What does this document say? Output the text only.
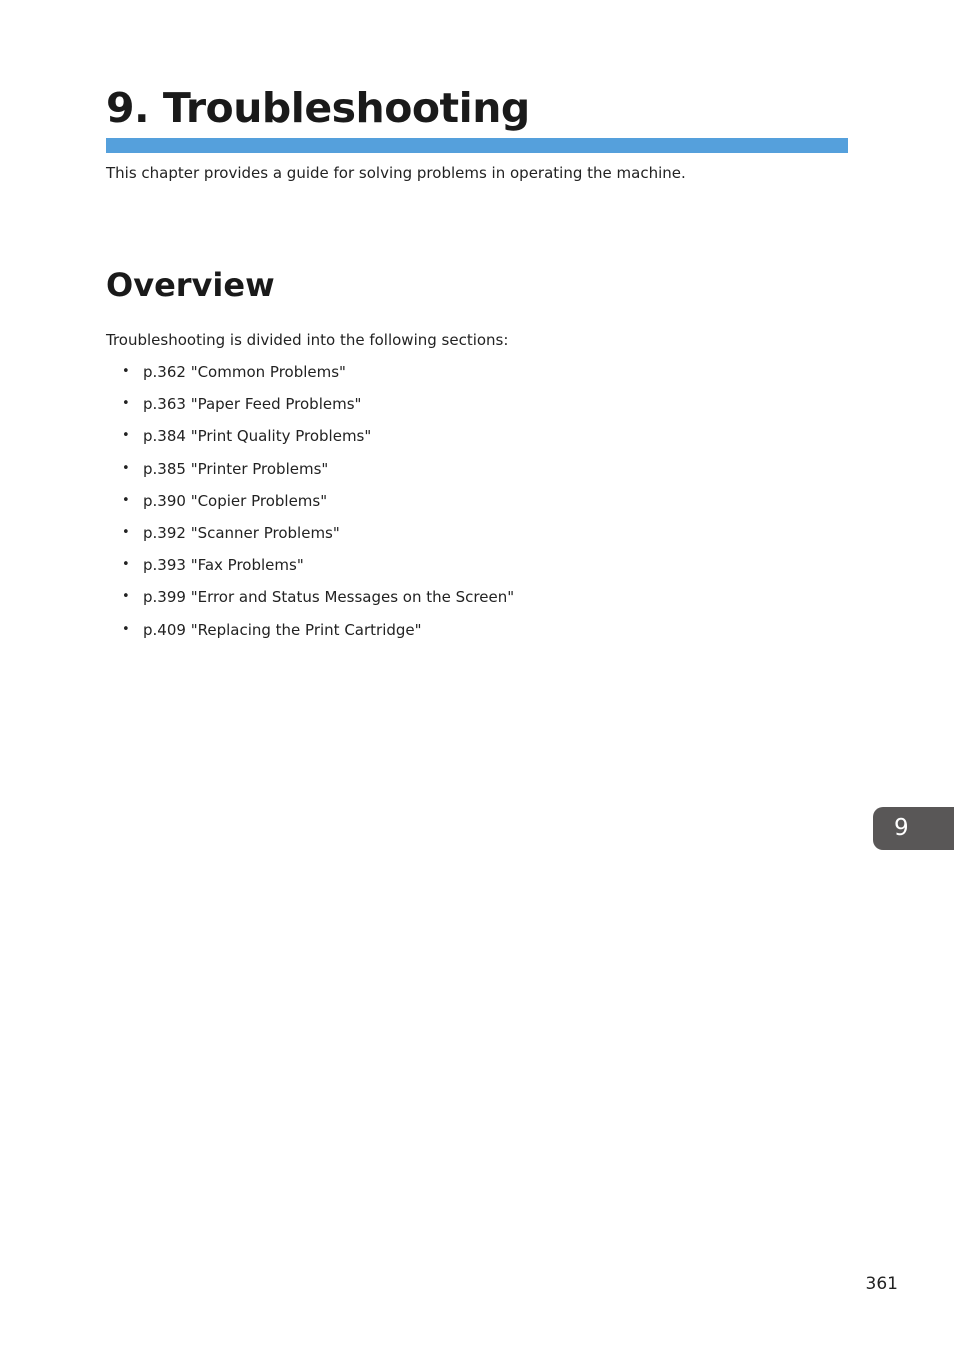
9. Troubleshooting

This chapter provides a guide for solving problems in operating the machine.

Overview

Troubleshooting is divided into the following sections:

• p.362 "Common Problems"
• p.363 "Paper Feed Problems"
• p.384 "Print Quality Problems"
• p.385 "Printer Problems"
• p.390 "Copier Problems"
• p.392 "Scanner Problems"
• p.393 "Fax Problems"
• p.399 "Error and Status Messages on the Screen"
• p.409 "Replacing the Print Cartridge"
9

361
